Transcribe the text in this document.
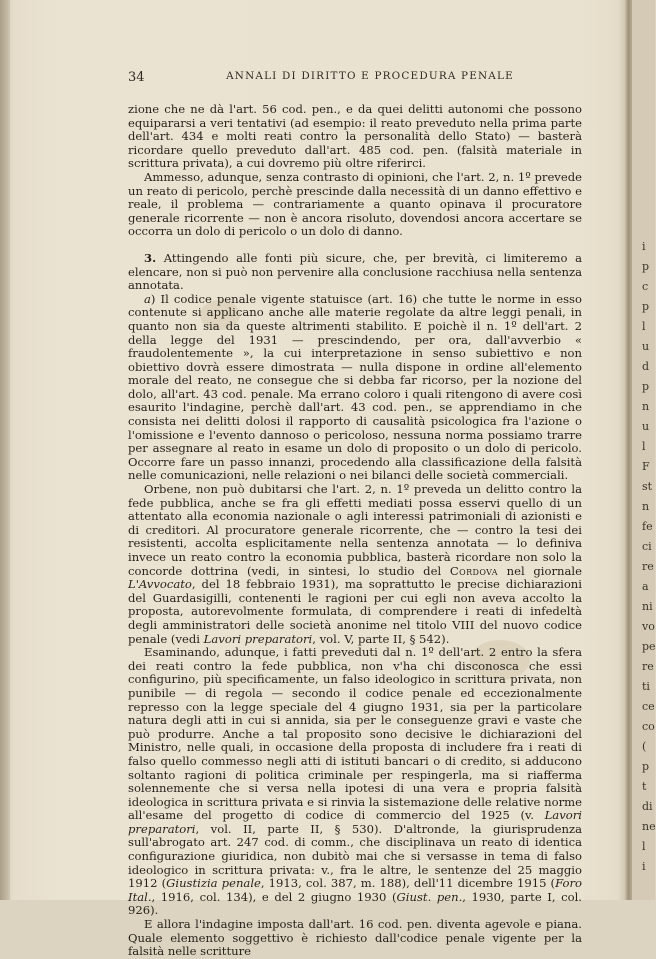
34	ANNALI DI DIRITTO E PROCEDURA PENALE

zione che ne dà l'art. 56 cod. pen., e da quei delitti autonomi che possono equipararsi a veri tentativi (ad esempio: il reato preveduto nella prima parte dell'art. 434 e molti reati contro la personalità dello Stato) — basterà ricordare quello preveduto dall'art. 485 cod. pen. (falsità materiale in scrittura privata), a cui dovremo più oltre riferirci.

Ammesso, adunque, senza contrasto di opinioni, che l'art. 2, n. 1º prevede un reato di pericolo, perchè prescinde dalla necessità di un danno effettivo e reale, il problema — contrariamente a quanto opinava il procuratore generale ricorrente — non è ancora risoluto, dovendosi ancora accertare se occorra un dolo di pericolo o un dolo di danno.

3. Attingendo alle fonti più sicure, che, per brevità, ci limiteremo a elencare, non si può non pervenire alla conclusione racchiusa nella sentenza annotata.

a) Il codice penale vigente statuisce (art. 16) che tutte le norme in esso contenute si applicano anche alle materie regolate da altre leggi penali, in quanto non sia da queste altrimenti stabilito. E poichè il n. 1º dell'art. 2 della legge del 1931 — prescindendo, per ora, dall'avverbio « fraudolentemente », la cui interpretazione in senso subiettivo e non obiettivo dovrà essere dimostrata — nulla dispone in ordine all'elemento morale del reato, ne consegue che si debba far ricorso, per la nozione del dolo, all'art. 43 cod. penale. Ma errano coloro i quali ritengono di avere così esaurito l'indagine, perchè dall'art. 43 cod. pen., se apprendiamo in che consista nei delitti dolosi il rapporto di causalità psicologica fra l'azione o l'omissione e l'evento dannoso o pericoloso, nessuna norma possiamo trarre per assegnare al reato in esame un dolo di proposito o un dolo di pericolo. Occorre fare un passo innanzi, procedendo alla classificazione della falsità nelle comunicazioni, nelle relazioni o nei bilanci delle società commerciali.

Orbene, non può dubitarsi che l'art. 2, n. 1º preveda un delitto contro la fede pubblica, anche se fra gli effetti mediati possa esservi quello di un attentato alla economia nazionale o agli interessi patrimoniali di azionisti e di creditori. Al procuratore generale ricorrente, che — contro la tesi dei resistenti, accolta esplicitamente nella sentenza annotata — lo definiva invece un reato contro la economia pubblica, basterà ricordare non solo la concorde dottrina (vedi, in sintesi, lo studio del Cordova nel giornale L'Avvocato, del 18 febbraio 1931), ma soprattutto le precise dichiarazioni del Guardasigilli, contenenti le ragioni per cui egli non aveva accolto la proposta, autorevolmente formulata, di comprendere i reati di infedeltà degli amministratori delle società anonime nel titolo VIII del nuovo codice penale (vedi Lavori preparatori, vol. V, parte II, § 542).

Esaminando, adunque, i fatti preveduti dal n. 1º dell'art. 2 entro la sfera dei reati contro la fede pubblica, non v'ha chi disconosca che essi configurino, più specificamente, un falso ideologico in scrittura privata, non punibile — di regola — secondo il codice penale ed eccezionalmente represso con la legge speciale del 4 giugno 1931, sia per la particolare natura degli atti in cui si annida, sia per le conseguenze gravi e vaste che può produrre. Anche a tal proposito sono decisive le dichiarazioni del Ministro, nelle quali, in occasione della proposta di includere fra i reati di falso quello commesso negli atti di istituti bancari o di credito, si adducono soltanto ragioni di politica criminale per respingerla, ma si riafferma solennemente che si versa nella ipotesi di una vera e propria falsità ideologica in scrittura privata e si rinvia la sistemazione delle relative norme all'esame del progetto di codice di commercio del 1925 (v. Lavori preparatori, vol. II, parte II, § 530). D'altronde, la giurisprudenza sull'abrogato art. 247 cod. di comm., che disciplinava un reato di identica configurazione giuridica, non dubitò mai che si versasse in tema di falso ideologico in scrittura privata: v., fra le altre, le sentenze del 25 maggio 1912 (Giustizia penale, 1913, col. 387, m. 188), dell'11 dicembre 1915 (Foro Ital., 1916, col. 134), e del 2 giugno 1930 (Giust. pen., 1930, parte I, col. 926).

E allora l'indagine imposta dall'art. 16 cod. pen. diventa agevole e piana. Quale elemento soggettivo è richiesto dall'codice penale vigente per la falsità nelle scritture

i
p
c
p
l
u
d
p
n
u
l
F
st
n
fe
ci
re
a
ni
vo
pe
re
ti
ce
co
(
p
t
di
ne
l
i
